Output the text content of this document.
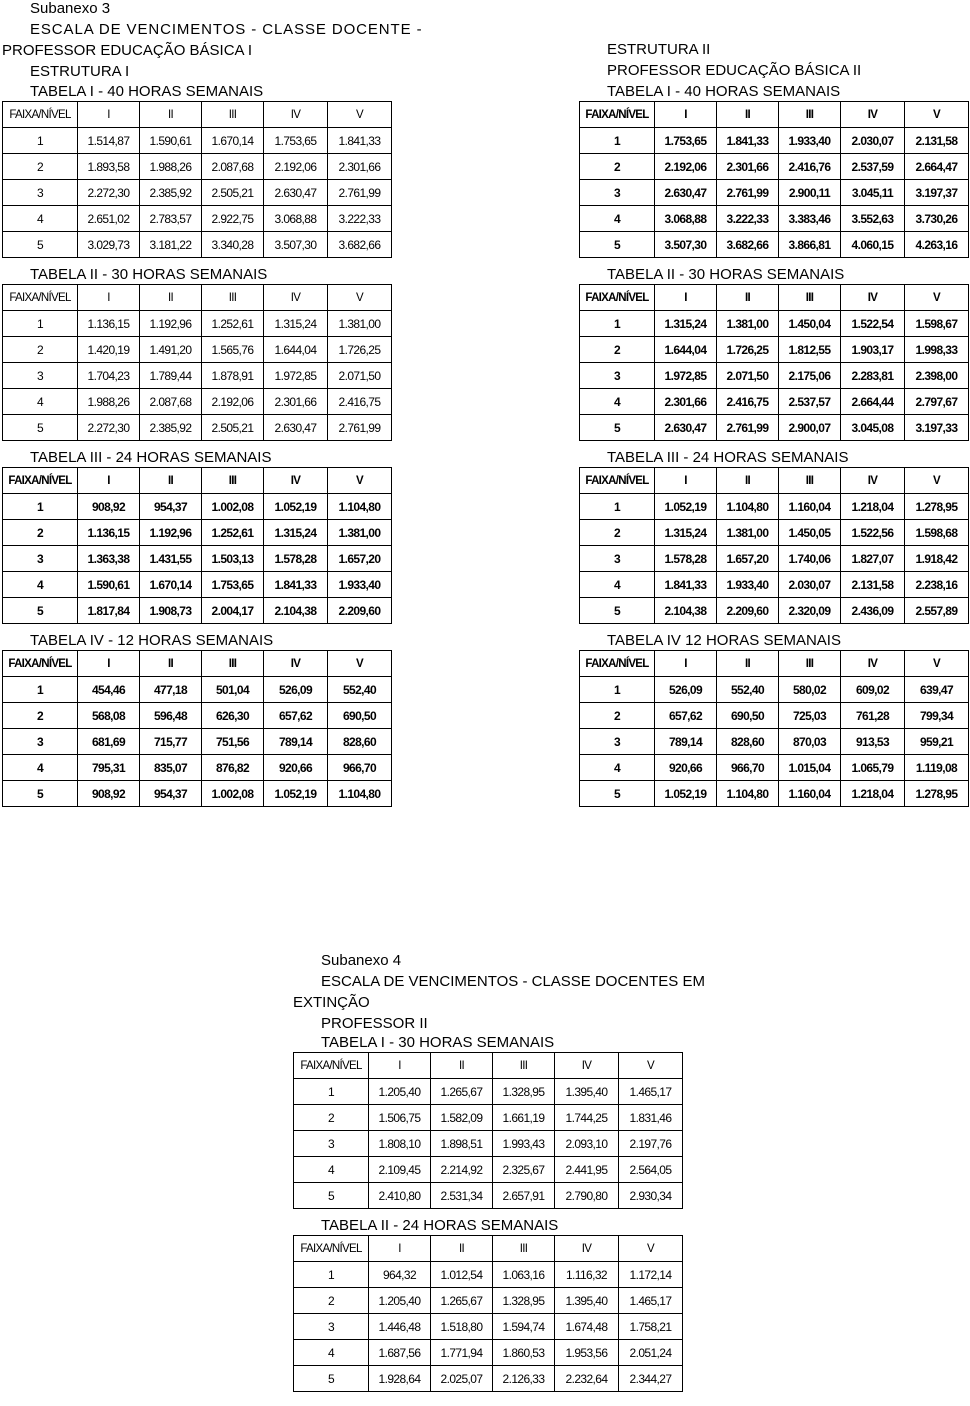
Subanexo 3
ESCALA DE VENCIMENTOS - CLASSE DOCENTE -
PROFESSOR EDUCAÇÃO BÁSICA I
ESTRUTURA I
ESTRUTURA II
PROFESSOR EDUCAÇÃO BÁSICA II
TABELA I - 40 HORAS SEMANAIS
FAIXA/NÍVEL	I	II	III	IV	V
1	1.514,87	1.590,61	1.670,14	1.753,65	1.841,33
2	1.893,58	1.988,26	2.087,68	2.192,06	2.301,66
3	2.272,30	2.385,92	2.505,21	2.630,47	2.761,99
4	2.651,02	2.783,57	2.922,75	3.068,88	3.222,33
5	3.029,73	3.181,22	3.340,28	3.507,30	3.682,66
TABELA II - 30 HORAS SEMANAIS
FAIXA/NÍVEL	I	II	III	IV	V
1	1.136,15	1.192,96	1.252,61	1.315,24	1.381,00
2	1.420,19	1.491,20	1.565,76	1.644,04	1.726,25
3	1.704,23	1.789,44	1.878,91	1.972,85	2.071,50
4	1.988,26	2.087,68	2.192,06	2.301,66	2.416,75
5	2.272,30	2.385,92	2.505,21	2.630,47	2.761,99
TABELA III - 24 HORAS SEMANAIS
FAIXA/NÍVEL	I	II	III	IV	V
1	908,92	954,37	1.002,08	1.052,19	1.104,80
2	1.136,15	1.192,96	1.252,61	1.315,24	1.381,00
3	1.363,38	1.431,55	1.503,13	1.578,28	1.657,20
4	1.590,61	1.670,14	1.753,65	1.841,33	1.933,40
5	1.817,84	1.908,73	2.004,17	2.104,38	2.209,60
TABELA IV - 12 HORAS SEMANAIS
FAIXA/NÍVEL	I	II	III	IV	V
1	454,46	477,18	501,04	526,09	552,40
2	568,08	596,48	626,30	657,62	690,50
3	681,69	715,77	751,56	789,14	828,60
4	795,31	835,07	876,82	920,66	966,70
5	908,92	954,37	1.002,08	1.052,19	1.104,80
TABELA I - 40 HORAS SEMANAIS
FAIXA/NÍVEL	I	II	III	IV	V
1	1.753,65	1.841,33	1.933,40	2.030,07	2.131,58
2	2.192,06	2.301,66	2.416,76	2.537,59	2.664,47
3	2.630,47	2.761,99	2.900,11	3.045,11	3.197,37
4	3.068,88	3.222,33	3.383,46	3.552,63	3.730,26
5	3.507,30	3.682,66	3.866,81	4.060,15	4.263,16
TABELA II - 30 HORAS SEMANAIS
FAIXA/NÍVEL	I	II	III	IV	V
1	1.315,24	1.381,00	1.450,04	1.522,54	1.598,67
2	1.644,04	1.726,25	1.812,55	1.903,17	1.998,33
3	1.972,85	2.071,50	2.175,06	2.283,81	2.398,00
4	2.301,66	2.416,75	2.537,57	2.664,44	2.797,67
5	2.630,47	2.761,99	2.900,07	3.045,08	3.197,33
TABELA III - 24 HORAS SEMANAIS
FAIXA/NÍVEL	I	II	III	IV	V
1	1.052,19	1.104,80	1.160,04	1.218,04	1.278,95
2	1.315,24	1.381,00	1.450,05	1.522,56	1.598,68
3	1.578,28	1.657,20	1.740,06	1.827,07	1.918,42
4	1.841,33	1.933,40	2.030,07	2.131,58	2.238,16
5	2.104,38	2.209,60	2.320,09	2.436,09	2.557,89
TABELA IV 12 HORAS SEMANAIS
FAIXA/NÍVEL	I	II	III	IV	V
1	526,09	552,40	580,02	609,02	639,47
2	657,62	690,50	725,03	761,28	799,34
3	789,14	828,60	870,03	913,53	959,21
4	920,66	966,70	1.015,04	1.065,79	1.119,08
5	1.052,19	1.104,80	1.160,04	1.218,04	1.278,95
Subanexo 4
ESCALA DE VENCIMENTOS - CLASSE DOCENTES EM
EXTINÇÃO
PROFESSOR II
TABELA I - 30 HORAS SEMANAIS
FAIXA/NÍVEL	I	II	III	IV	V
1	1.205,40	1.265,67	1.328,95	1.395,40	1.465,17
2	1.506,75	1.582,09	1.661,19	1.744,25	1.831,46
3	1.808,10	1.898,51	1.993,43	2.093,10	2.197,76
4	2.109,45	2.214,92	2.325,67	2.441,95	2.564,05
5	2.410,80	2.531,34	2.657,91	2.790,80	2.930,34
TABELA II - 24 HORAS SEMANAIS
FAIXA/NÍVEL	I	II	III	IV	V
1	964,32	1.012,54	1.063,16	1.116,32	1.172,14
2	1.205,40	1.265,67	1.328,95	1.395,40	1.465,17
3	1.446,48	1.518,80	1.594,74	1.674,48	1.758,21
4	1.687,56	1.771,94	1.860,53	1.953,56	2.051,24
5	1.928,64	2.025,07	2.126,33	2.232,64	2.344,27
